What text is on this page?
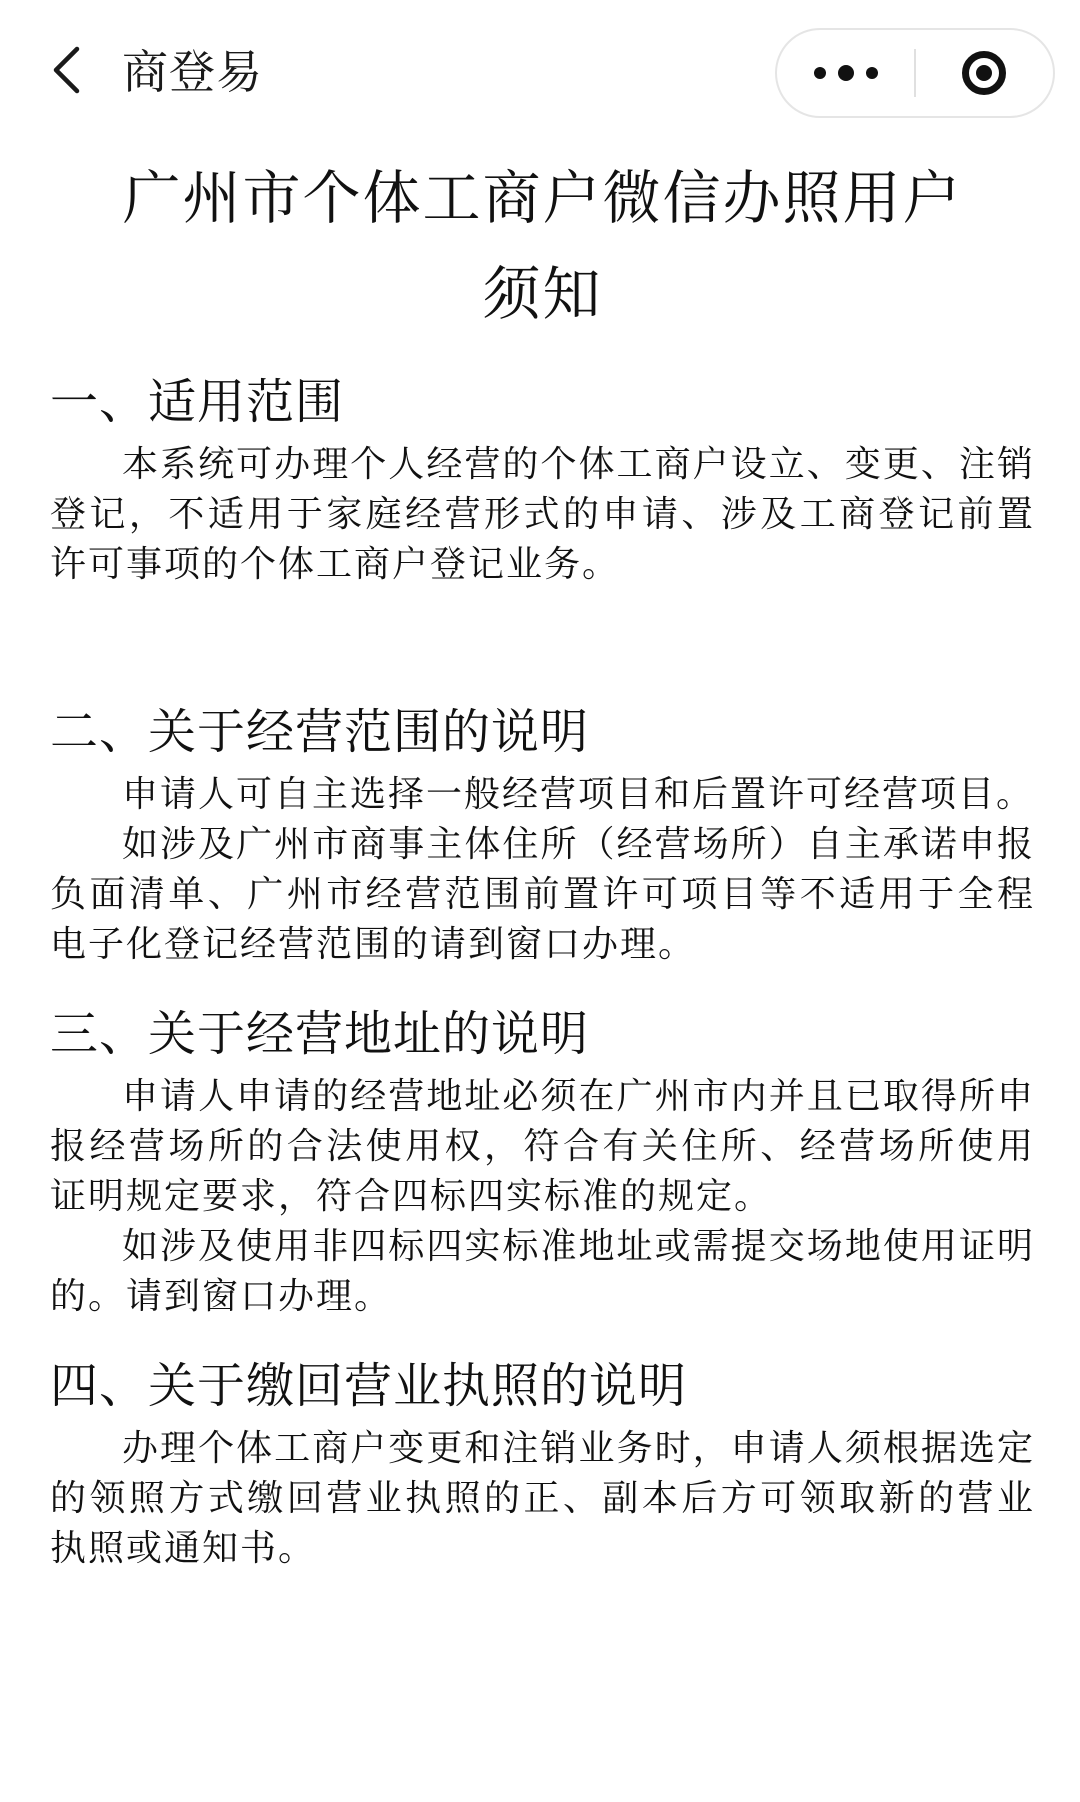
商登易
广州市个体工商户微信办照用户
须知
一、适用范围

本系统可办理个人经营的个体工商户设立、变更、注销登记，不适用于家庭经营形式的申请、涉及工商登记前置许可事项的个体工商户登记业务。

二、关于经营范围的说明

申请人可自主选择一般经营项目和后置许可经营项目。

如涉及广州市商事主体住所（经营场所）自主承诺申报负面清单、广州市经营范围前置许可项目等不适用于全程电子化登记经营范围的请到窗口办理。

三、关于经营地址的说明

申请人申请的经营地址必须在广州市内并且已取得所申报经营场所的合法使用权，符合有关住所、经营场所使用证明规定要求，符合四标四实标准的规定。

如涉及使用非四标四实标准地址或需提交场地使用证明的。请到窗口办理。

四、关于缴回营业执照的说明

办理个体工商户变更和注销业务时，申请人须根据选定的领照方式缴回营业执照的正、副本后方可领取新的营业执照或通知书。
